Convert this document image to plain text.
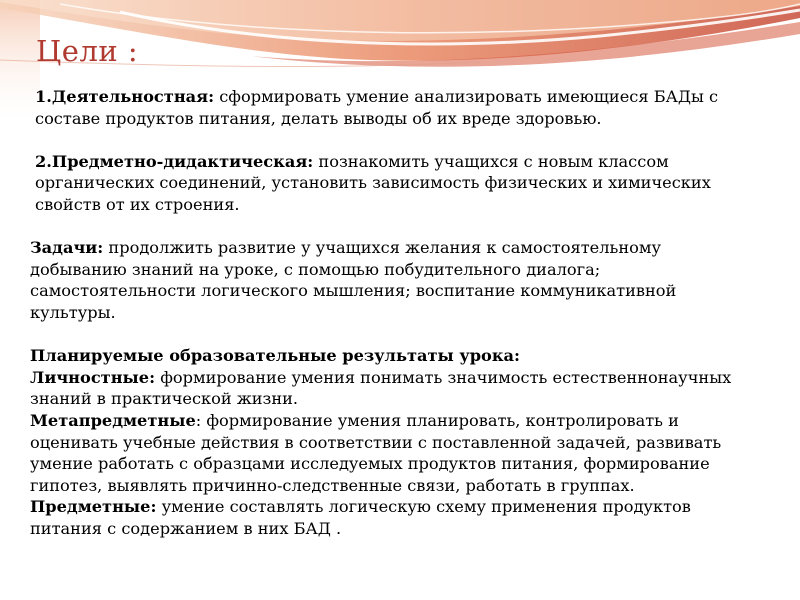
Цели :

1.Деятельностная: сформировать умение анализировать имеющиеся БАДы с составе продуктов питания, делать выводы об их вреде здоровью.

2.Предметно-дидактическая: познакомить учащихся с новым классом органических соединений, установить зависимость физических и химических свойств от их строения.

Задачи: продолжить развитие у учащихся желания к самостоятельному добыванию знаний на уроке, с помощью побудительного диалога; самостоятельности логического мышления; воспитание коммуникативной культуры.

Планируемые образовательные результаты урока:

Личностные: формирование умения понимать значимость естественнонаучных знаний в практической жизни.

Метапредметные: формирование умения планировать, контролировать и оценивать учебные действия в соответствии с поставленной задачей, развивать умение работать с образцами исследуемых продуктов питания, формирование гипотез, выявлять причинно-следственные связи, работать в группах.

Предметные: умение составлять логическую схему применения продуктов питания с содержанием в них БАД .
